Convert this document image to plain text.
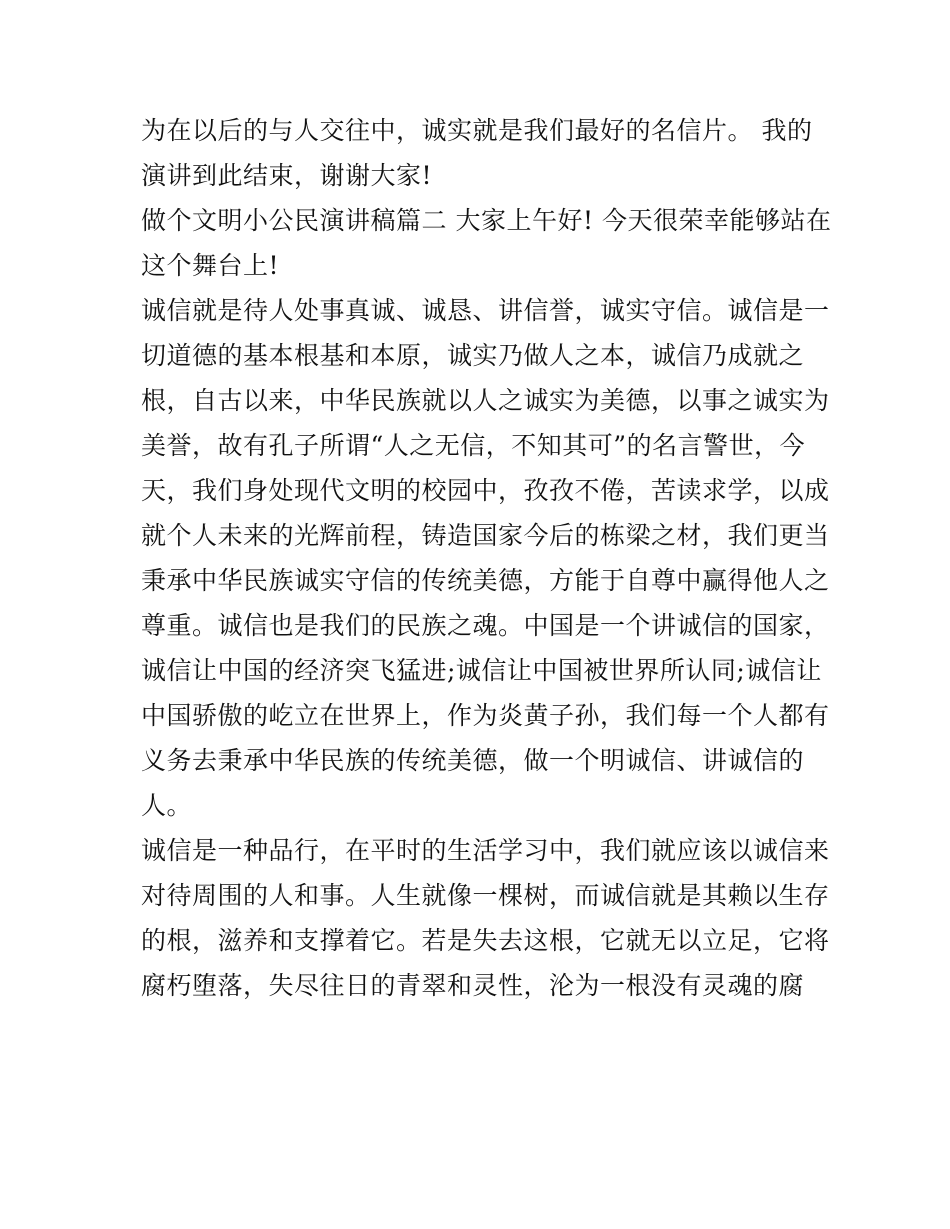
为在以后的与人交往中，诚实就是我们最好的名信片。 我的
演讲到此结束，谢谢大家!
做个文明小公民演讲稿篇二 大家上午好! 今天很荣幸能够站在
这个舞台上!
诚信就是待人处事真诚、诚恳、讲信誉，诚实守信。诚信是一
切道德的基本根基和本原，诚实乃做人之本，诚信乃成就之
根，自古以来，中华民族就以人之诚实为美德，以事之诚实为
美誉，故有孔子所谓“人之无信，不知其可”的名言警世，今
天，我们身处现代文明的校园中，孜孜不倦，苦读求学，以成
就个人未来的光辉前程，铸造国家今后的栋梁之材，我们更当
秉承中华民族诚实守信的传统美德，方能于自尊中赢得他人之
尊重。诚信也是我们的民族之魂。中国是一个讲诚信的国家，
诚信让中国的经济突飞猛进;诚信让中国被世界所认同;诚信让
中国骄傲的屹立在世界上，作为炎黄子孙，我们每一个人都有
义务去秉承中华民族的传统美德，做一个明诚信、讲诚信的
人。
诚信是一种品行，在平时的生活学习中，我们就应该以诚信来
对待周围的人和事。人生就像一棵树，而诚信就是其赖以生存
的根，滋养和支撑着它。若是失去这根，它就无以立足，它将
腐朽堕落，失尽往日的青翠和灵性，沦为一根没有灵魂的腐
